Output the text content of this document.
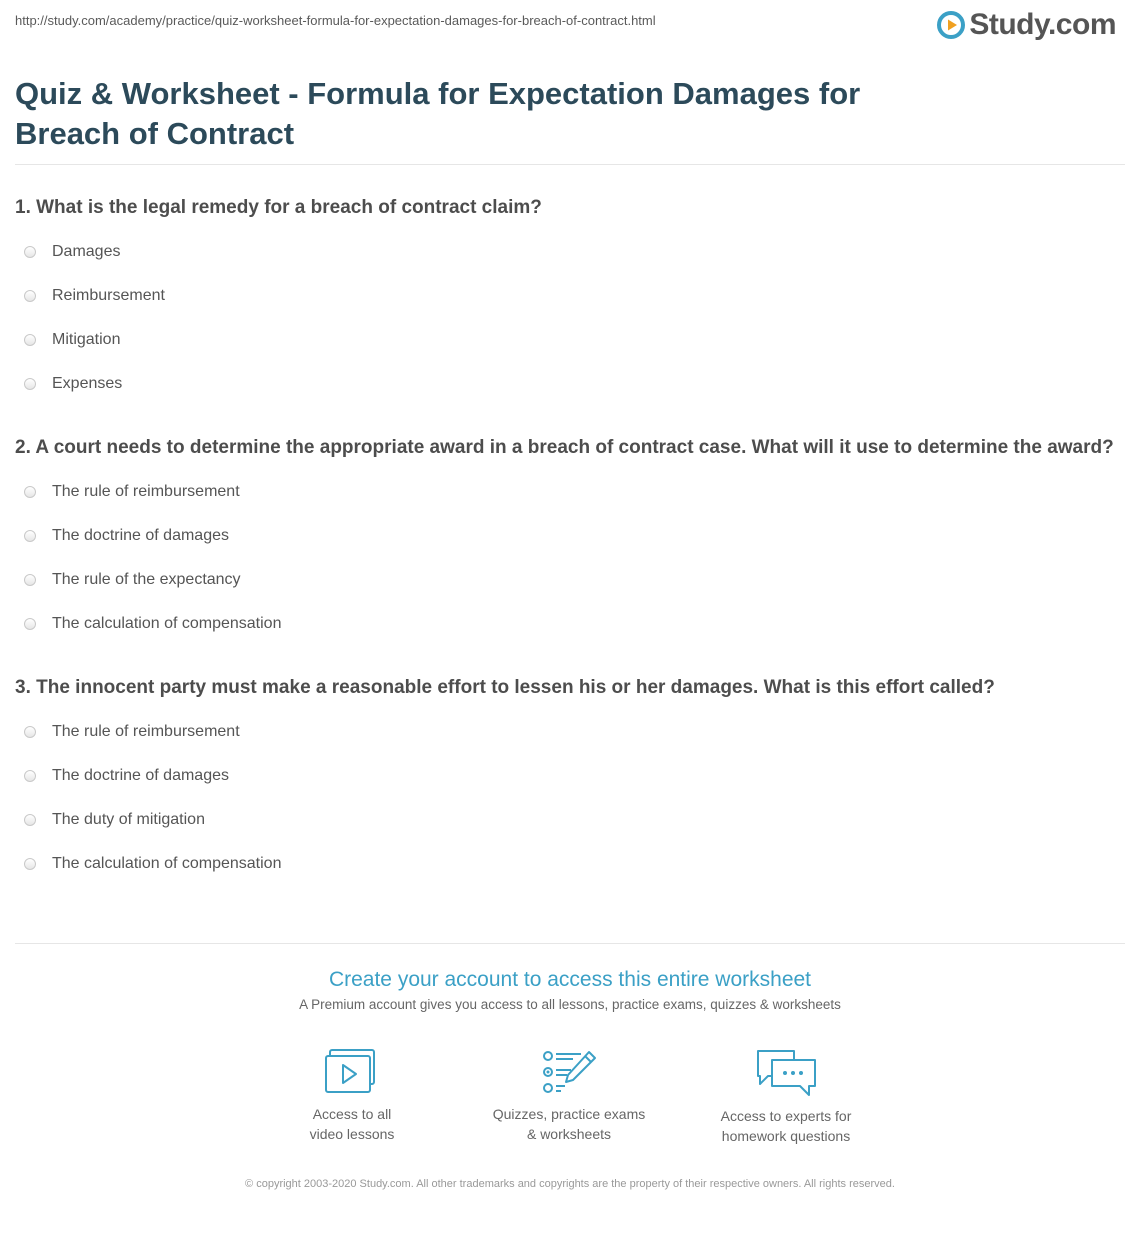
http://study.com/academy/practice/quiz-worksheet-formula-for-expectation-damages-for-breach-of-contract.html	Study.com
Quiz & Worksheet - Formula for Expectation Damages for Breach of Contract

1. What is the legal remedy for a breach of contract claim?

Damages
Reimbursement
Mitigation
Expenses

2. A court needs to determine the appropriate award in a breach of contract case. What will it use to determine the award?

The rule of reimbursement
The doctrine of damages
The rule of the expectancy
The calculation of compensation

3. The innocent party must make a reasonable effort to lessen his or her damages. What is this effort called?

The rule of reimbursement
The doctrine of damages
The duty of mitigation
The calculation of compensation
Create your account to access this entire worksheet
A Premium account gives you access to all lessons, practice exams, quizzes & worksheets
Access to all
video lessons
Quizzes, practice exams
& worksheets
Access to experts for
homework questions
© copyright 2003-2020 Study.com. All other trademarks and copyrights are the property of their respective owners. All rights reserved.
